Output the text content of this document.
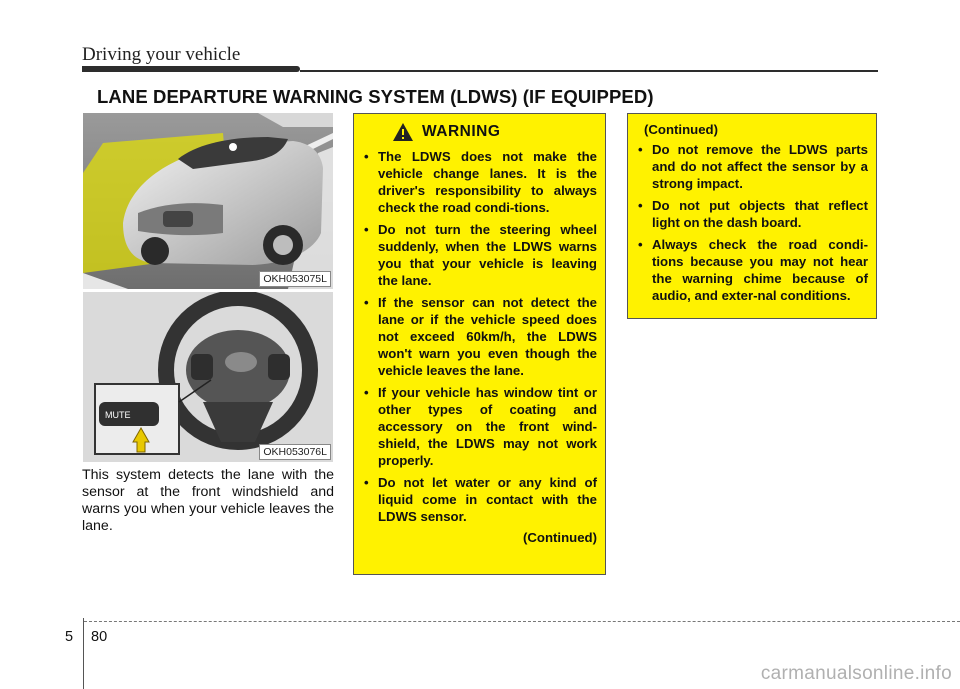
Driving your vehicle
LANE DEPARTURE WARNING SYSTEM (LDWS) (IF EQUIPPED)
OKH053075L
MUTE
OKH053076L
This system detects the lane with the sensor at the front windshield and warns you when your vehicle leaves the lane.
WARNING
• The LDWS does not make the vehicle change lanes. It is the driver's responsibility to always check the road condi-tions.
• Do not turn the steering wheel suddenly, when the LDWS warns you that your vehicle is leaving the lane.
• If the sensor can not detect the lane or if the vehicle speed does not exceed 60km/h, the LDWS won't warn you even though the vehicle leaves the lane.
• If your vehicle has window tint or other types of coating and accessory on the front wind-shield, the LDWS may not work properly.
• Do not let water or any kind of liquid come in contact with the LDWS sensor.
(Continued)
(Continued)
• Do not remove the LDWS parts and do not affect the sensor by a strong impact.
• Do not put objects that reflect light on the dash board.
• Always check the road condi-tions because you may not hear the warning chime because of audio, and exter-nal conditions.
5 80
carmanualsonline.info
